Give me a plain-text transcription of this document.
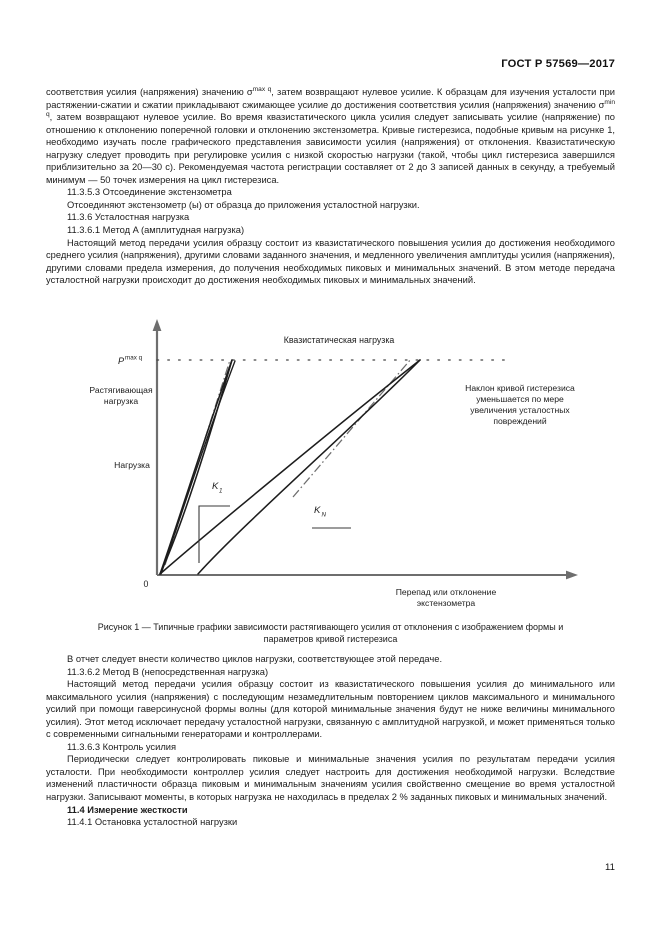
ГОСТ Р 57569—2017

соответствия усилия (напряжения) значению $\sigma^{max q}$, затем возвращают нулевое усилие. К образцам для изучения усталости при растяжении-сжатии и сжатии прикладывают сжимающее усилие до достижения соответствия усилия (напряжения) значению $\sigma^{min q}$, затем возвращают нулевое усилие. Во время квазистатического цикла усилия следует записывать усилие (напряжение) по отношению к отклонению поперечной головки и отклонению экстензометра. Кривые гистерезиса, подобные кривым на рисунке 1, необходимо изучать после графического представления зависимости усилия (напряжения) от отклонения. Квазистатическую нагрузку следует проводить при регулировке усилия с низкой скоростью нагрузки (такой, чтобы цикл гистерезиса завершился приблизительно за 20—30 с). Рекомендуемая частота регистрации составляет от 2 до 3 записей данных в секунду, а требуемый минимум — 50 точек измерения на цикл гистерезиса.

11.3.5.3 Отсоединение экстензометра

Отсоединяют экстензометр (ы) от образца до приложения усталостной нагрузки.

11.3.6 Усталостная нагрузка

11.3.6.1 Метод A (амплитудная нагрузка)

Настоящий метод передачи усилия образцу состоит из квазистатического повышения усилия до достижения необходимого среднего усилия (напряжения), другими словами заданного значения, и медленного увеличения амплитуды усилия (напряжения), другими словами предела измерения, до получения необходимых пиковых и минимальных значений. В этом методе передача усталостной нагрузки происходит до достижения необходимых пиковых и минимальных значений.

Квазистатическая нагрузка
P max q
Растягивающая
нагрузка
Нагрузка
K 1
K N
Наклон кривой гистерезиса
уменьшается по мере
увеличения усталостных
повреждений
0
Перепад или отклонение
экстензометра
Рисунок 1 — Типичные графики зависимости растягивающего усилия от отклонения с изображением формы и
параметров кривой гистерезиса

В отчет следует внести количество циклов нагрузки, соответствующее этой передаче.

11.3.6.2 Метод В (непосредственная нагрузка)

Настоящий метод передачи усилия образцу состоит из квазистатического повышения усилия до минимального или максимального усилия (напряжения) с последующим незамедлительным повторением циклов максимального и минимального усилий при помощи гаверсинусной формы волны (для которой минимальные значения будут не ниже величины минимального усилия). Этот метод исключает передачу усталостной нагрузки, связанную с амплитудной нагрузкой, и может применяться только с современными сигнальными генераторами и контроллерами.

11.3.6.3 Контроль усилия

Периодически следует контролировать пиковые и минимальные значения усилия по результатам передачи усилия усталости. При необходимости контроллер усилия следует настроить для достижения необходимой нагрузки. Вследствие изменений пластичности образца пиковым и минимальным значениям усилия свойственно смещение во время усталостной нагрузки. Записывают моменты, в которых нагрузка не находилась в пределах 2 % заданных пиковых и минимальных значений.

11.4 Измерение жесткости

11.4.1 Остановка усталостной нагрузки

11
